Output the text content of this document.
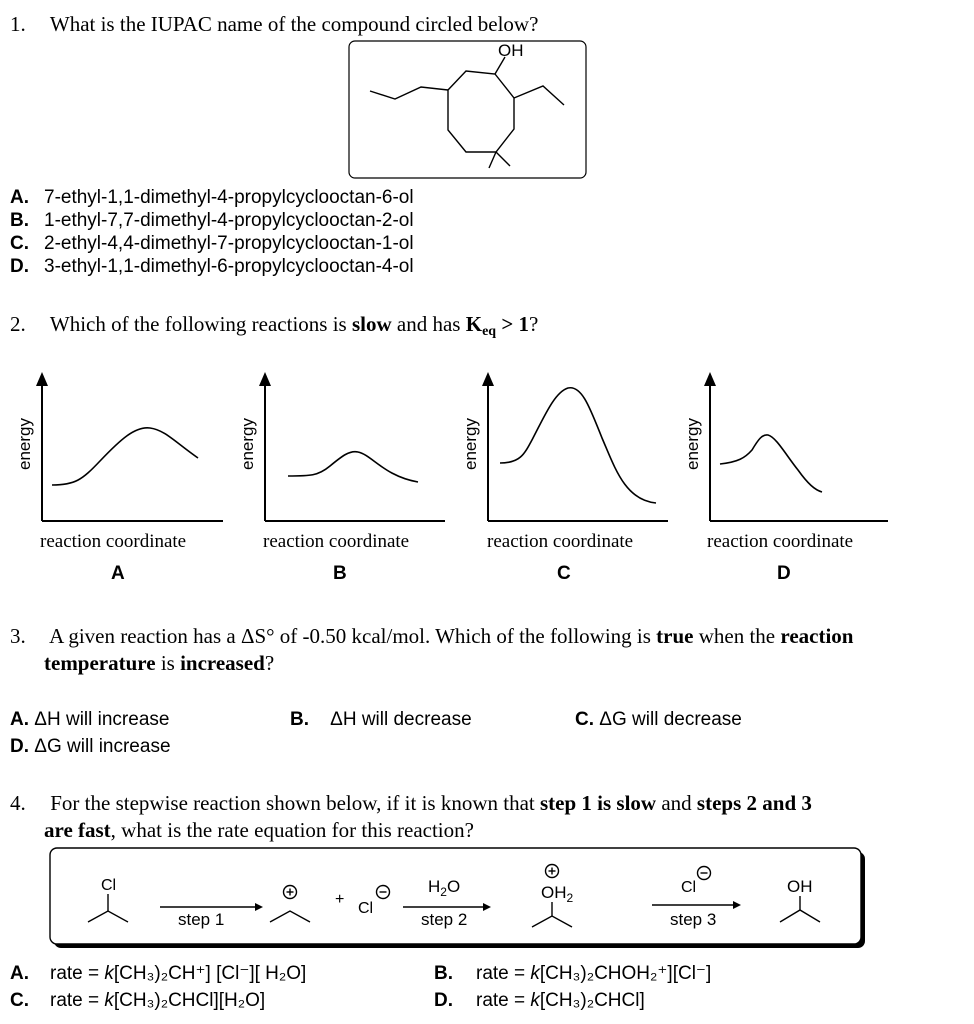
1. What is the IUPAC name of the compound circled below?
OH
A. 7-ethyl-1,1-dimethyl-4-propylcyclooctan-6-ol
B. 1-ethyl-7,7-dimethyl-4-propylcyclooctan-2-ol
C. 2-ethyl-4,4-dimethyl-7-propylcyclooctan-1-ol
D. 3-ethyl-1,1-dimethyl-6-propylcyclooctan-4-ol
2. Which of the following reactions is slow and has Keq > 1?
energy	energy	energy	energy
reaction coordinate	reaction coordinate	reaction coordinate	reaction coordinate
A	B	C	D
3. A given reaction has a ΔS° of -0.50 kcal/mol. Which of the following is true when the reaction
temperature is increased?
A. ΔH will increase	B. ΔH will decrease	C. ΔG will decrease
D. ΔG will increase
4. For the stepwise reaction shown below, if it is known that step 1 is slow and steps 2 and 3
are fast, what is the rate equation for this reaction?
Cl
step 1
+
Cl
$H_2O$
step 2
$OH_2$
Cl
step 3
OH
A. rate = k[CH₃)₂CH⁺] [Cl⁻][ H₂O]	B. rate = k[CH₃)₂CHOH₂⁺][Cl⁻]
C. rate = k[CH₃)₂CHCl][H₂O]	D. rate = k[CH₃)₂CHCl]
